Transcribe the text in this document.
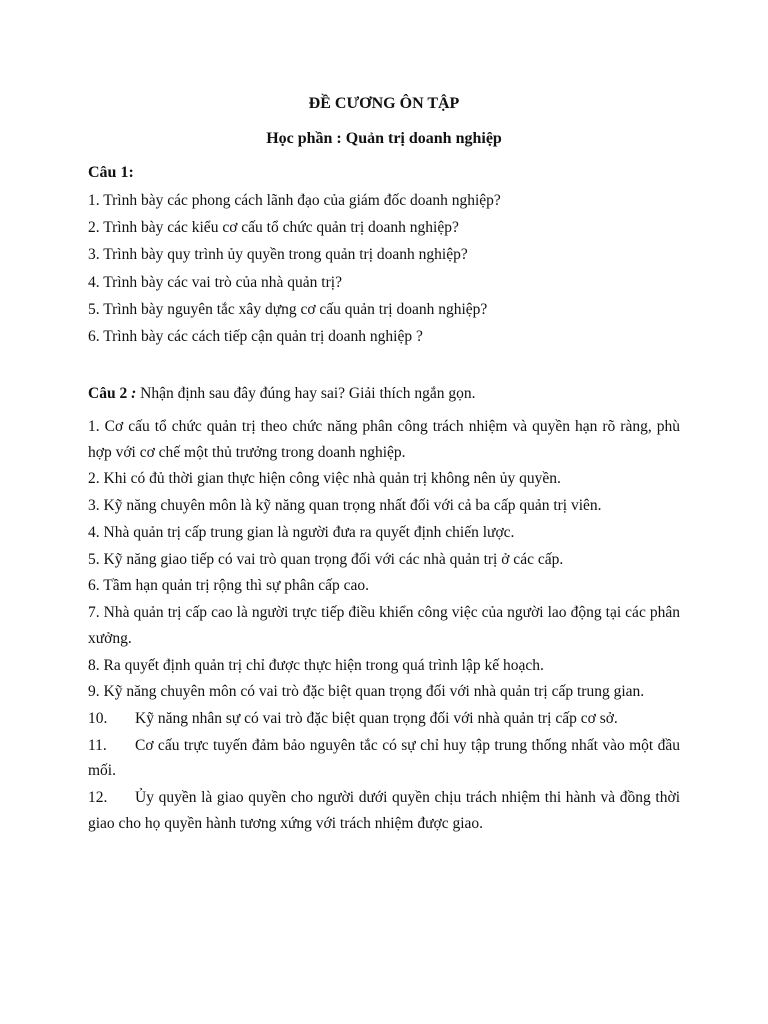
ĐỀ CƯƠNG ÔN TẬP
Học phần : Quản trị doanh nghiệp
Câu 1:
1. Trình bày các phong cách lãnh đạo của giám đốc doanh nghiệp?
2. Trình bày các kiểu cơ cấu tổ chức quản trị doanh nghiệp?
3. Trình bày quy trình ủy quyền trong quản trị doanh nghiệp?
4. Trình bày các vai trò của nhà quản trị?
5. Trình bày nguyên tắc xây dựng cơ cấu quản trị doanh nghiệp?
6. Trình bày các cách tiếp cận quản trị doanh nghiệp ?
Câu 2 : Nhận định sau đây đúng hay sai? Giải thích ngắn gọn.
1. Cơ cấu tổ chức quản trị theo chức năng phân công trách nhiệm và quyền hạn rõ ràng, phù hợp với cơ chế một thủ trưởng trong doanh nghiệp.
2. Khi có đủ thời gian thực hiện công việc nhà quản trị không nên ủy quyền.
3. Kỹ năng chuyên môn là kỹ năng quan trọng nhất đối với cả ba cấp quản trị viên.
4. Nhà quản trị cấp trung gian là người đưa ra quyết định chiến lược.
5. Kỹ năng giao tiếp có vai trò quan trọng đối với các nhà quản trị ở các cấp.
6. Tầm hạn quản trị rộng thì sự phân cấp cao.
7. Nhà quản trị cấp cao là người trực tiếp điều khiển công việc của người lao động tại các phân xưởng.
8. Ra quyết định quản trị chỉ được thực hiện trong quá trình lập kế hoạch.
9. Kỹ năng chuyên môn có vai trò đặc biệt quan trọng đối với nhà quản trị cấp trung gian.
10. Kỹ năng nhân sự có vai trò đặc biệt quan trọng đối với nhà quản trị cấp cơ sở.
11. Cơ cấu trực tuyến đảm bảo nguyên tắc có sự chỉ huy tập trung thống nhất vào một đầu mối.
12. Ủy quyền là giao quyền cho người dưới quyền chịu trách nhiệm thi hành và đồng thời giao cho họ quyền hành tương xứng với trách nhiệm được giao.
